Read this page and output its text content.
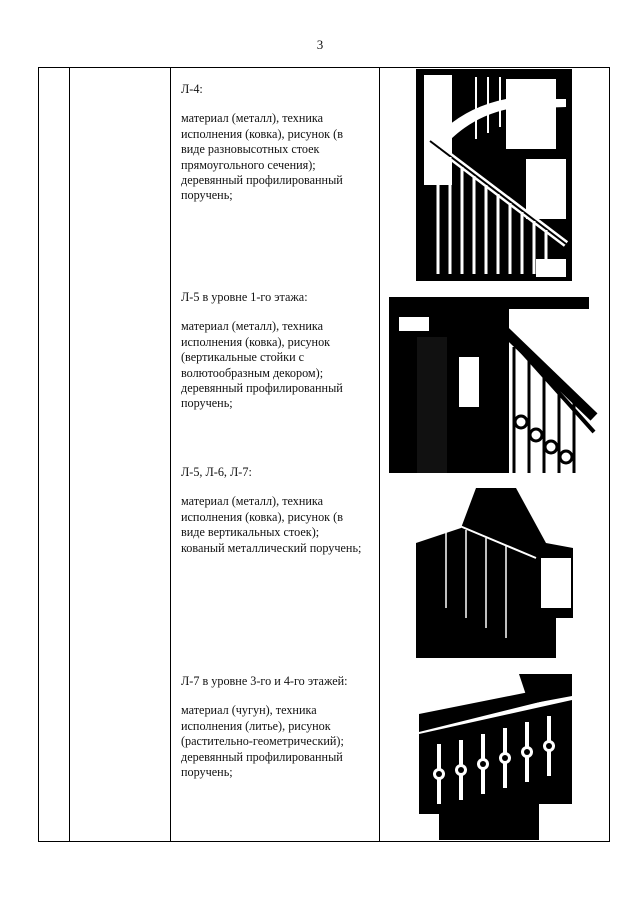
3

Л-4:

материал (металл), техника
исполнения (ковка), рисунок (в
виде разновысотных стоек
прямоугольного сечения);
деревянный профилированный
поручень;

Л-5 в уровне 1-го этажа:

материал (металл), техника
исполнения (ковка), рисунок
(вертикальные стойки с
волютообразным декором);
деревянный профилированный
поручень;

Л-5, Л-6, Л-7:

материал (металл), техника
исполнения (ковка), рисунок (в
виде вертикальных стоек);
кованый металлический поручень;

Л-7 в уровне 3-го и 4-го этажей:

материал (чугун), техника
исполнения (литье), рисунок
(растительно-геометрический);
деревянный профилированный
поручень;
